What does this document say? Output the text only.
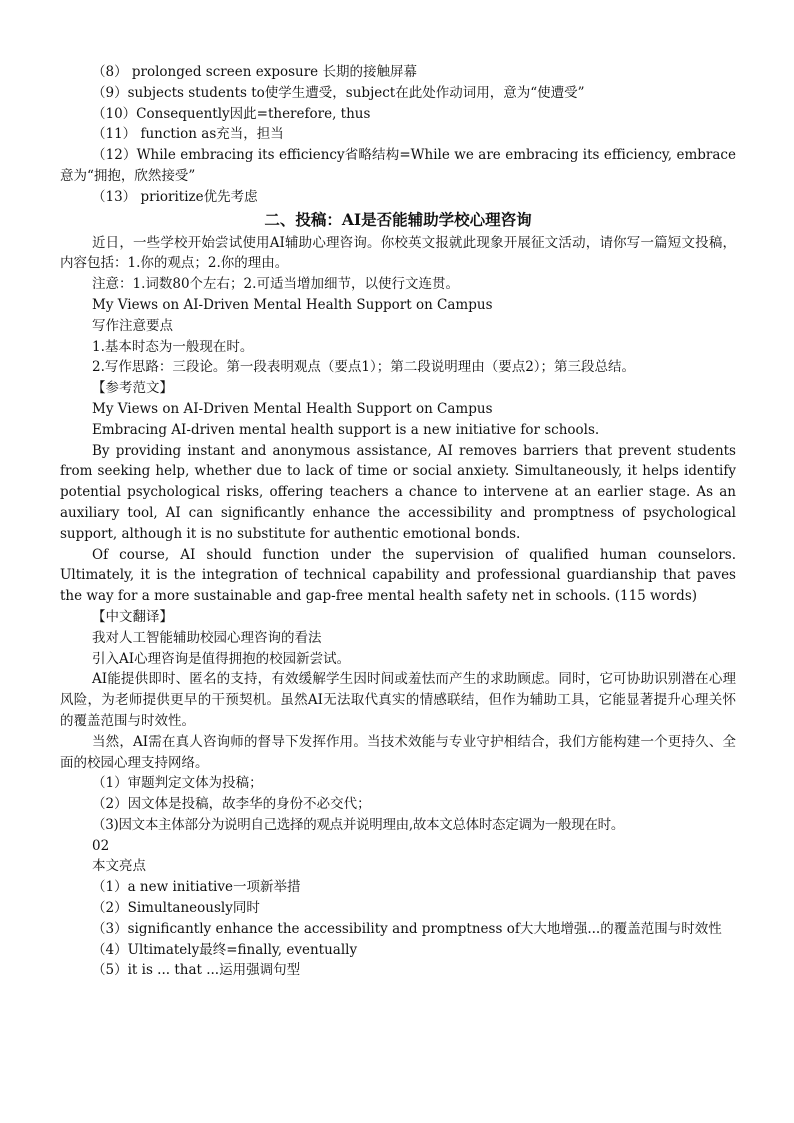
（8） prolonged screen exposure 长期的接触屏幕
（9）subjects students to使学生遭受，subject在此处作动词用，意为“使遭受”
（10）Consequently因此=therefore, thus
（11） function as充当，担当
（12）While embracing its efficiency省略结构=While we are embracing its efficiency, embrace意为“拥抱，欣然接受”
（13） prioritize优先考虑
二、投稿：AI是否能辅助学校心理咨询
近日，一些学校开始尝试使用AI辅助心理咨询。你校英文报就此现象开展征文活动，请你写一篇短文投稿，内容包括：1.你的观点；2.你的理由。
注意：1.词数80个左右；2.可适当增加细节，以使行文连贯。
My Views on AI-Driven Mental Health Support on Campus
写作注意要点
1.基本时态为一般现在时。
2.写作思路：三段论。第一段表明观点（要点1）；第二段说明理由（要点2）；第三段总结。
【参考范文】
My Views on AI-Driven Mental Health Support on Campus
Embracing AI-driven mental health support is a new initiative for schools.
By providing instant and anonymous assistance, AI removes barriers that prevent students from seeking help, whether due to lack of time or social anxiety. Simultaneously, it helps identify potential psychological risks, offering teachers a chance to intervene at an earlier stage. As an auxiliary tool, AI can significantly enhance the accessibility and promptness of psychological support, although it is no substitute for authentic emotional bonds.
Of course, AI should function under the supervision of qualified human counselors. Ultimately, it is the integration of technical capability and professional guardianship that paves the way for a more sustainable and gap-free mental health safety net in schools. (115 words)
【中文翻译】
我对人工智能辅助校园心理咨询的看法
引入AI心理咨询是值得拥抱的校园新尝试。
AI能提供即时、匿名的支持，有效缓解学生因时间或羞怯而产生的求助顾虑。同时，它可协助识别潜在心理风险，为老师提供更早的干预契机。虽然AI无法取代真实的情感联结，但作为辅助工具，它能显著提升心理关怀的覆盖范围与时效性。
当然，AI需在真人咨询师的督导下发挥作用。当技术效能与专业守护相结合，我们方能构建一个更持久、全面的校园心理支持网络。
（1）审题判定文体为投稿；
（2）因文体是投稿，故李华的身份不必交代；
（3)因文本主体部分为说明自己选择的观点并说明理由,故本文总体时态定调为一般现在时。
02
本文亮点
（1）a new initiative一项新举措
（2）Simultaneously同时
（3）significantly enhance the accessibility and promptness of大大地增强...的覆盖范围与时效性
（4）Ultimately最终=finally, eventually
（5）it is ... that ...运用强调句型
